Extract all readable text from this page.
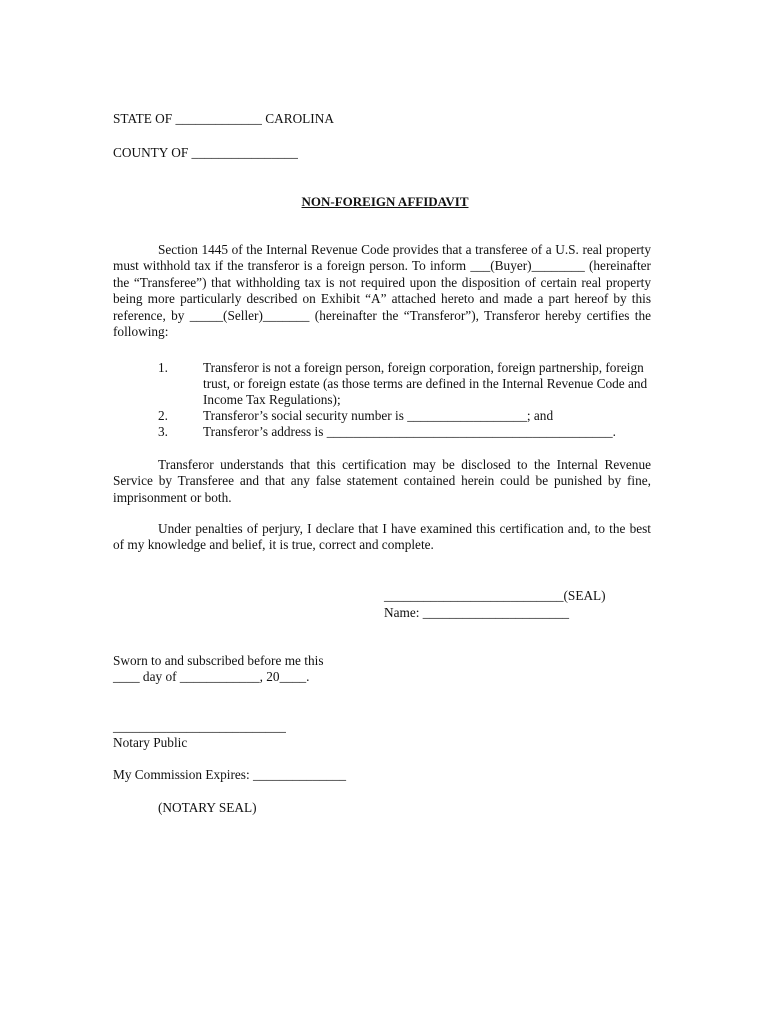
STATE OF _____________ CAROLINA
COUNTY OF ________________
NON-FOREIGN AFFIDAVIT
Section 1445 of the Internal Revenue Code provides that a transferee of a U.S. real property must withhold tax if the transferor is a foreign person. To inform ___(Buyer)________ (hereinafter the “Transferee”) that withholding tax is not required upon the disposition of certain real property being more particularly described on Exhibit “A” attached hereto and made a part hereof by this reference, by _____(Seller)_______ (hereinafter the “Transferor”), Transferor hereby certifies the following:
1.	Transferor is not a foreign person, foreign corporation, foreign partnership, foreign trust, or foreign estate (as those terms are defined in the Internal Revenue Code and Income Tax Regulations);
2.	Transferor’s social security number is __________________; and
3.	Transferor’s address is ___________________________________________.
Transferor understands that this certification may be disclosed to the Internal Revenue Service by Transferee and that any false statement contained herein could be punished by fine, imprisonment or both.
Under penalties of perjury, I declare that I have examined this certification and, to the best of my knowledge and belief, it is true, correct and complete.
___________________________(SEAL)
Name: ______________________
Sworn to and subscribed before me this
____ day of ____________, 20____.
__________________________
Notary Public
My Commission Expires: ______________
(NOTARY SEAL)
